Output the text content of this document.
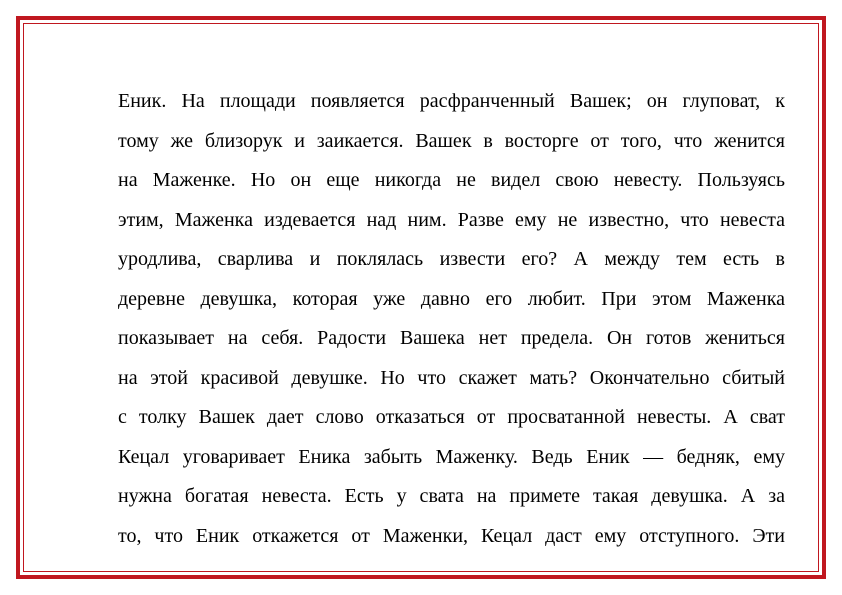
Еник. На площади появляется расфранченный Вашек; он глуповат, к
тому же близорук и заикается. Вашек в восторге от того, что женится
на Маженке. Но он еще никогда не видел свою невесту. Пользуясь
этим, Маженка издевается над ним. Разве ему не известно, что невеста
уродлива, сварлива и поклялась извести его? А между тем есть в
деревне девушка, которая уже давно его любит. При этом Маженка
показывает на себя. Радости Вашека нет предела. Он готов жениться
на этой красивой девушке. Но что скажет мать? Окончательно сбитый
с толку Вашек дает слово отказаться от просватанной невесты. А сват
Кецал уговаривает Еника забыть Маженку. Ведь Еник — бедняк, ему
нужна богатая невеста. Есть у свата на примете такая девушка. А за
то, что Еник откажется от Маженки, Кецал даст ему отступного. Эти
